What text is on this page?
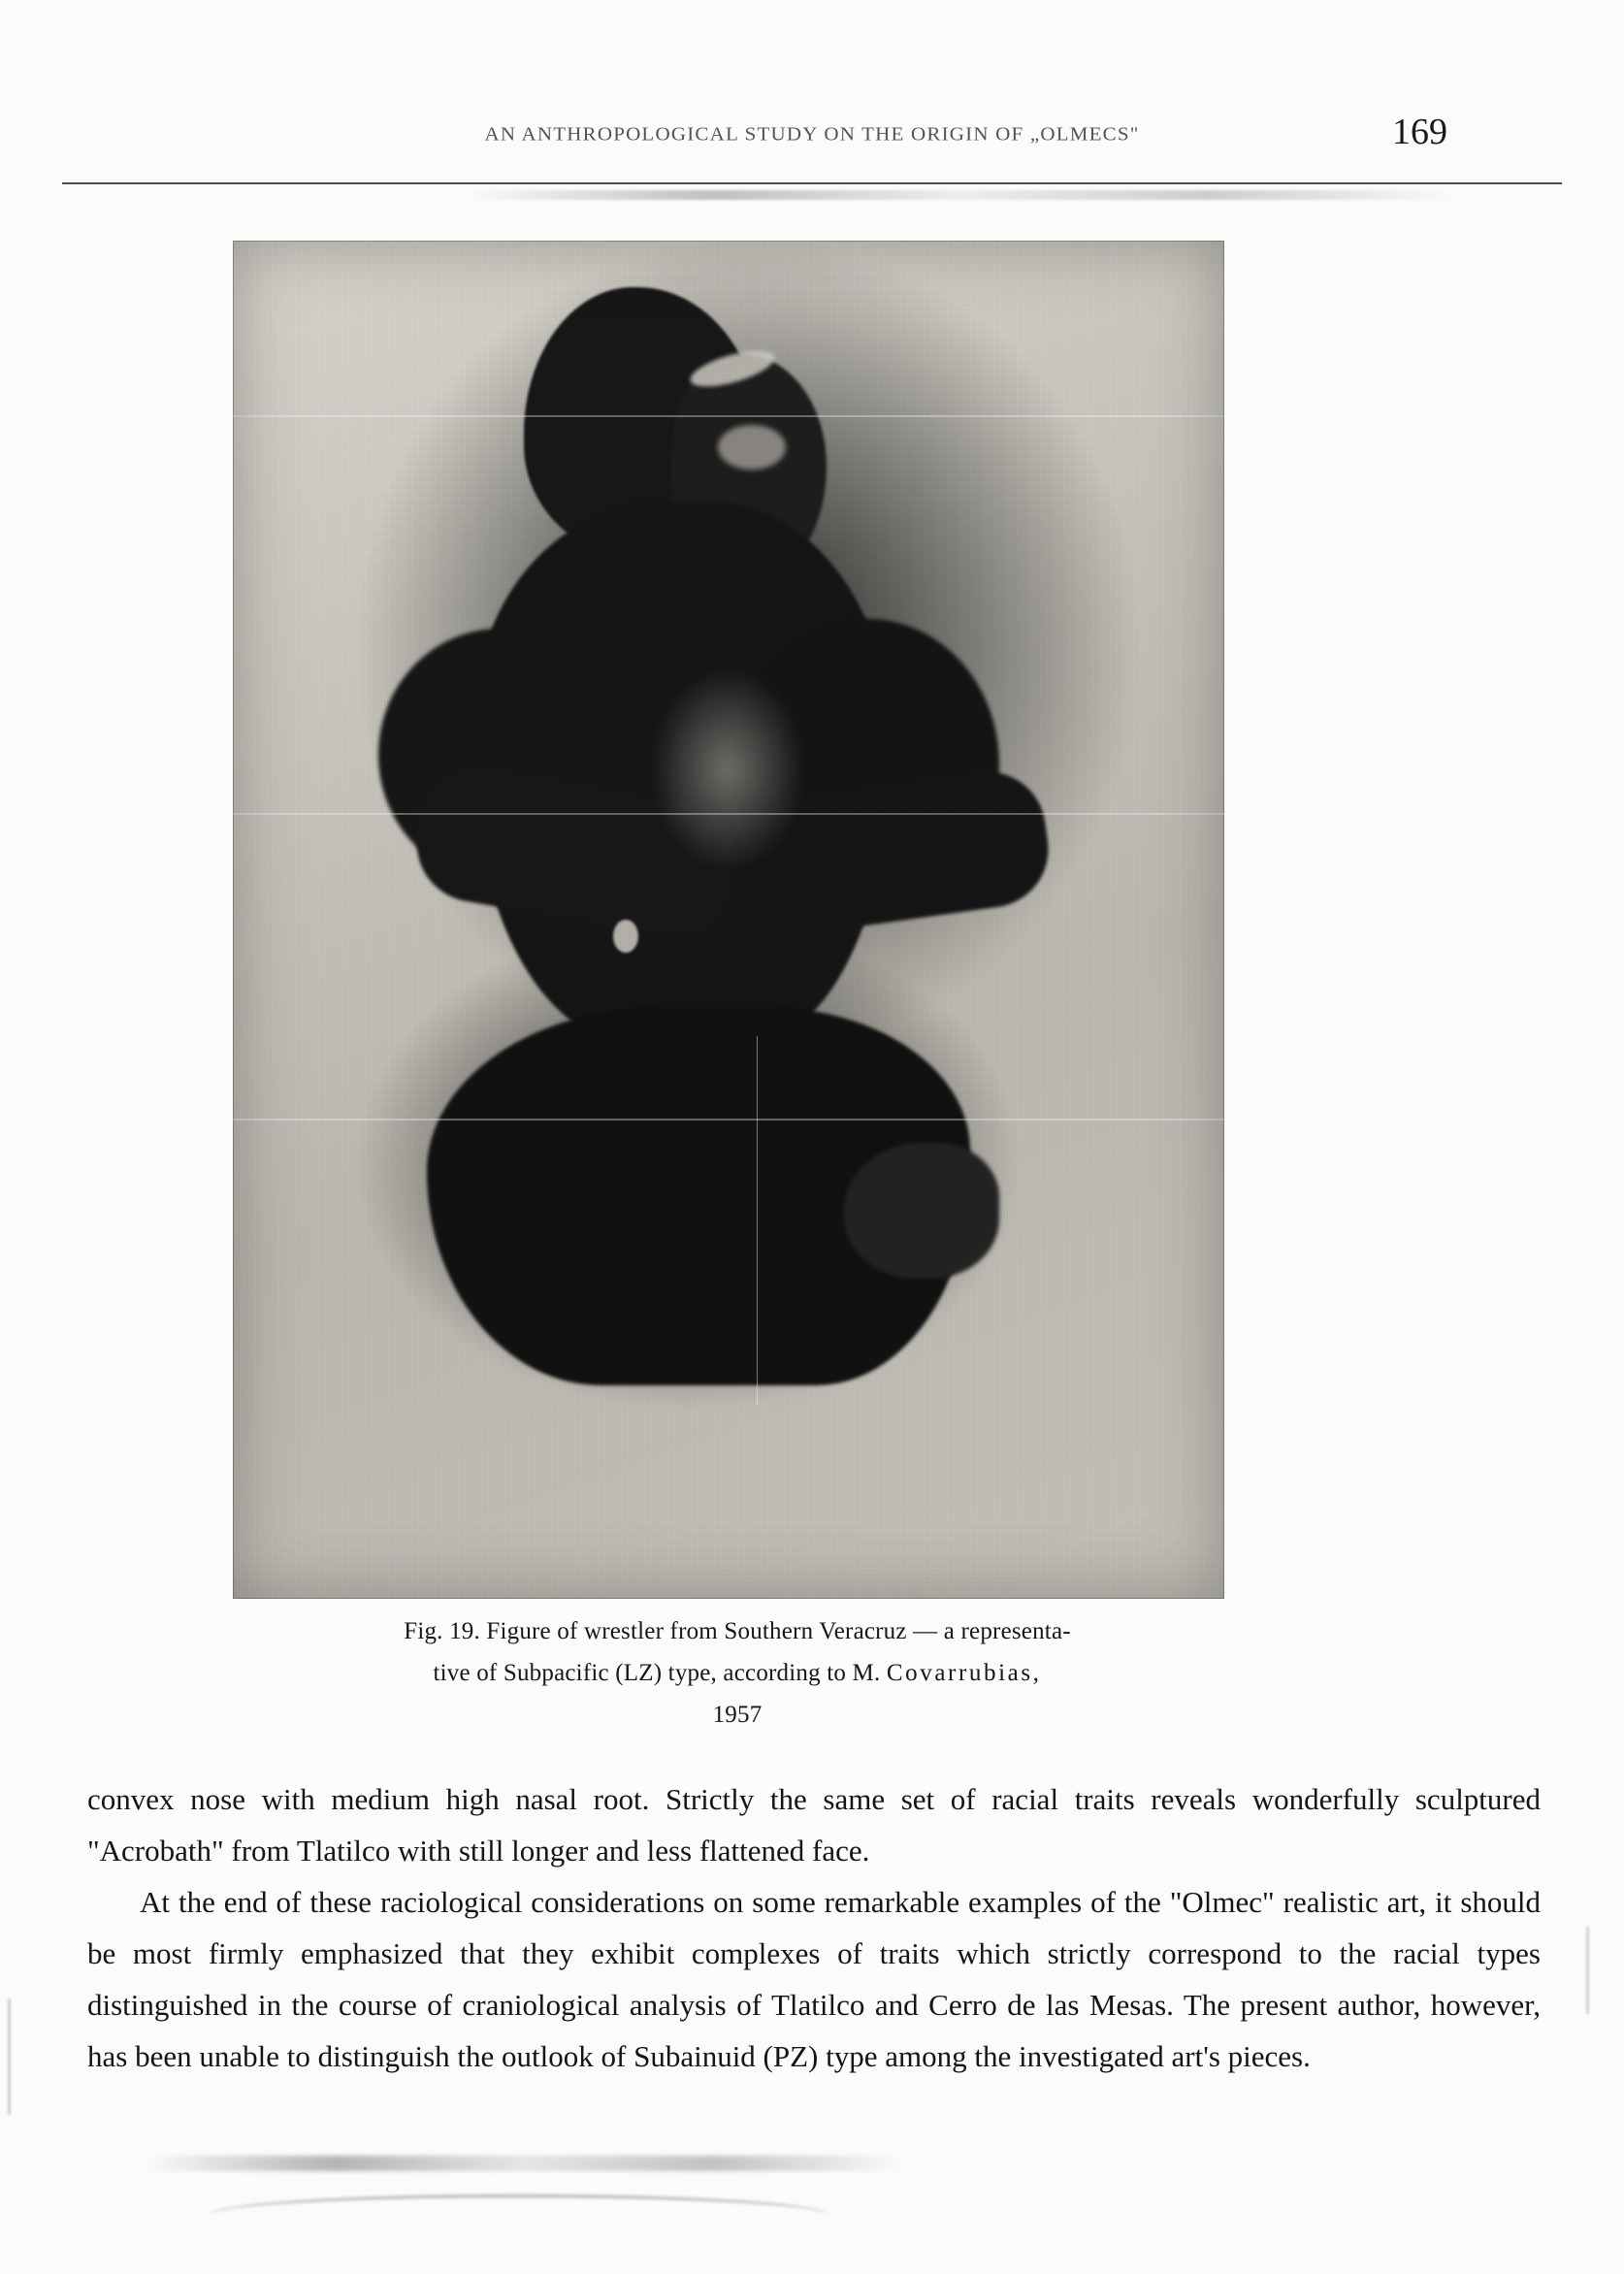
AN ANTHROPOLOGICAL STUDY ON THE ORIGIN OF „OLMECS"	169
Fig. 19. Figure of wrestler from Southern Veracruz — a representa-
tive of Subpacific (LZ) type, according to M. Covarrubias,
1957

convex nose with medium high nasal root. Strictly the same set of racial traits reveals wonderfully sculptured "Acrobath" from Tlatilco with still longer and less flattened face.

At the end of these raciological considerations on some remarkable examples of the "Olmec" realistic art, it should be most firmly emphasized that they exhibit complexes of traits which strictly correspond to the racial types distinguished in the course of craniological analysis of Tlatilco and Cerro de las Mesas. The present author, however, has been unable to distinguish the outlook of Subainuid (PZ) type among the investigated art's pieces.
